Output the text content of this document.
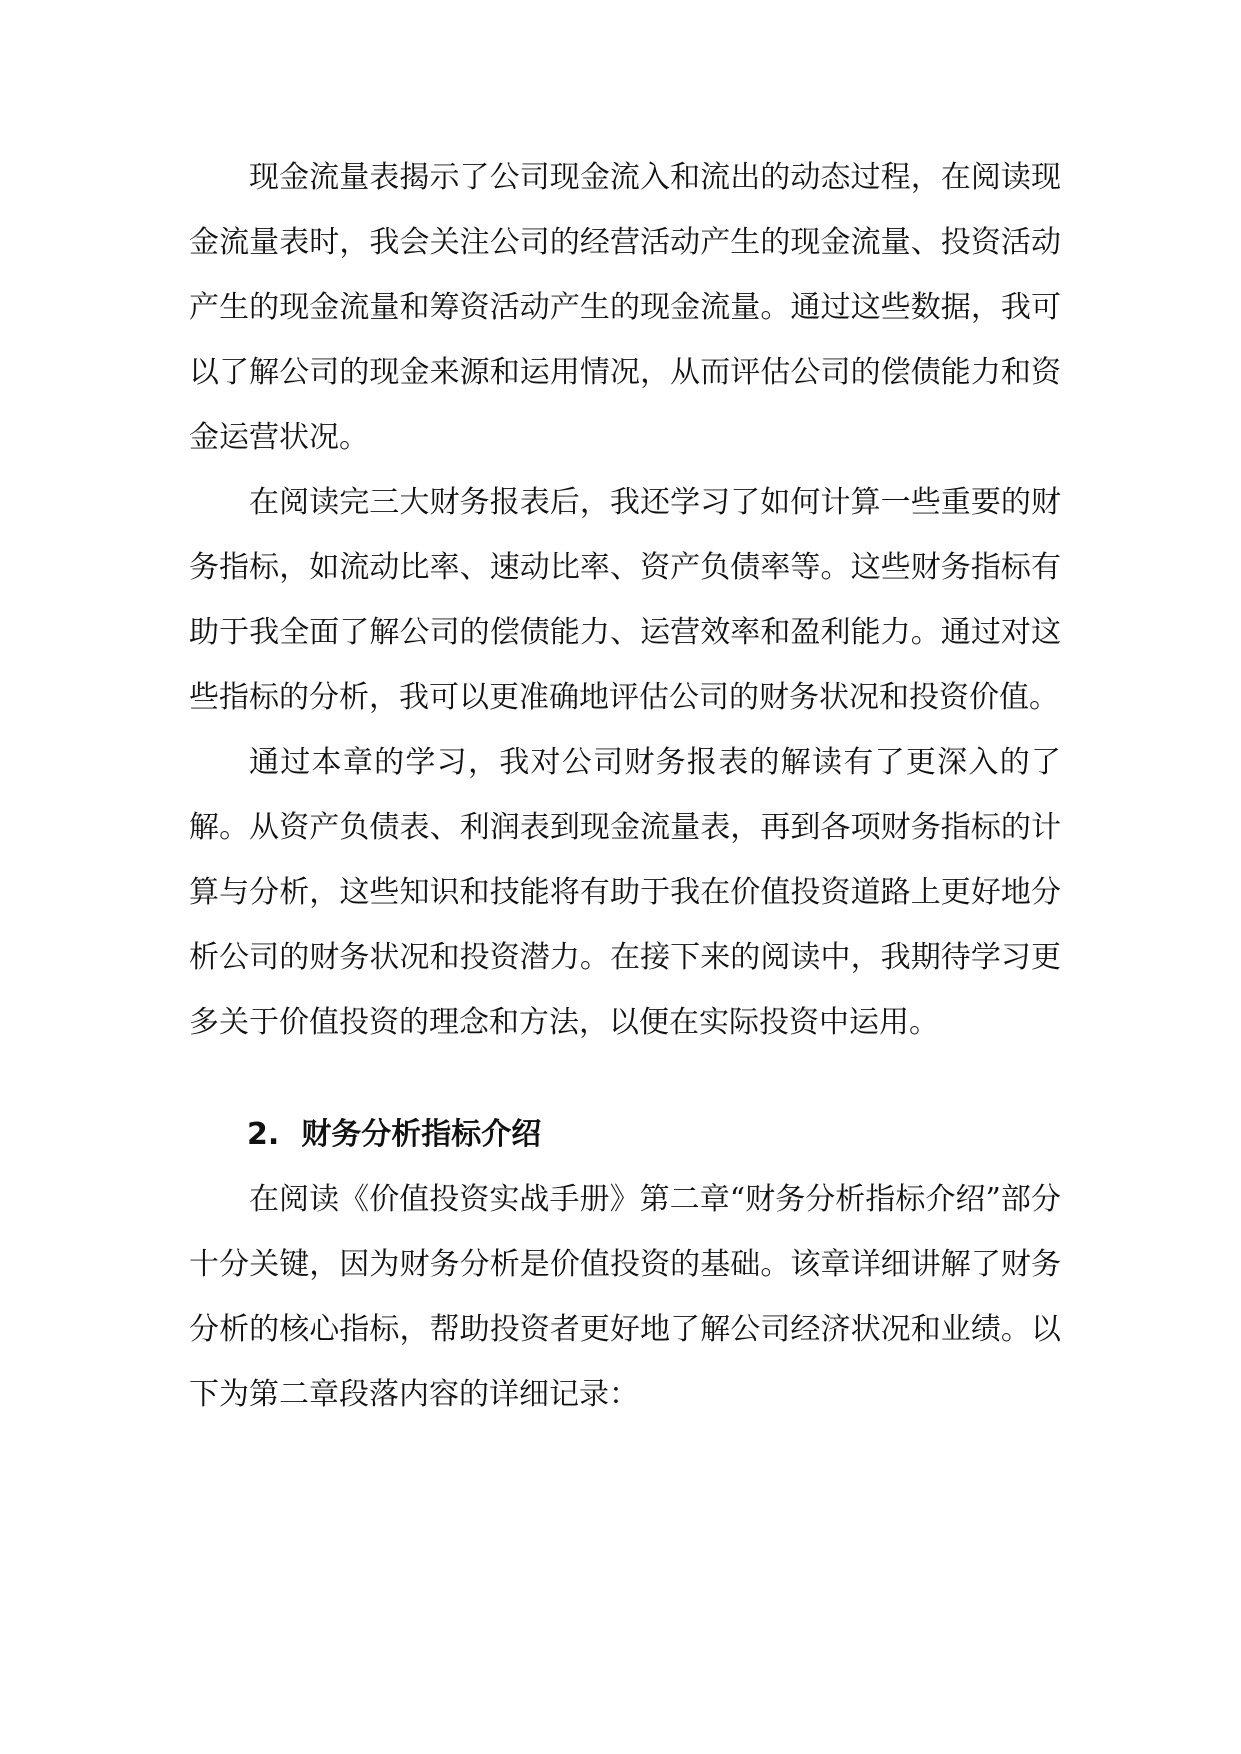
现金流量表揭示了公司现金流入和流出的动态过程，在阅读现金流量表时，我会关注公司的经营活动产生的现金流量、投资活动产生的现金流量和筹资活动产生的现金流量。通过这些数据，我可以了解公司的现金来源和运用情况，从而评估公司的偿债能力和资金运营状况。

在阅读完三大财务报表后，我还学习了如何计算一些重要的财务指标，如流动比率、速动比率、资产负债率等。这些财务指标有助于我全面了解公司的偿债能力、运营效率和盈利能力。通过对这些指标的分析，我可以更准确地评估公司的财务状况和投资价值。

通过本章的学习，我对公司财务报表的解读有了更深入的了解。从资产负债表、利润表到现金流量表，再到各项财务指标的计算与分析，这些知识和技能将有助于我在价值投资道路上更好地分析公司的财务状况和投资潜力。在接下来的阅读中，我期待学习更多关于价值投资的理念和方法，以便在实际投资中运用。

2. 财务分析指标介绍

在阅读《价值投资实战手册》第二章“财务分析指标介绍”部分十分关键，因为财务分析是价值投资的基础。该章详细讲解了财务分析的核心指标，帮助投资者更好地了解公司经济状况和业绩。以下为第二章段落内容的详细记录：
